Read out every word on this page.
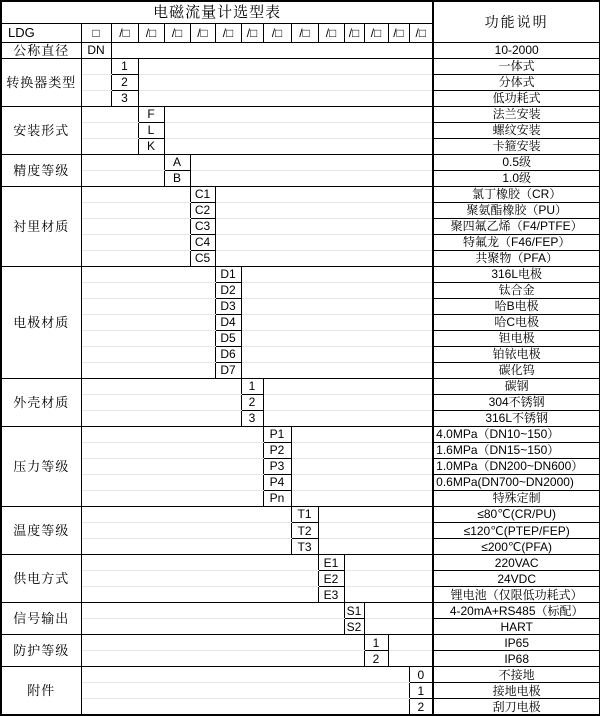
电磁流量计选型表															功能说明
LDG	□	/□	/□	/□	/□	/□	/□	/□	/□	/□	/□	/□	/□	/□	
公称直径	DN														10-2000
转换器类型		1													一体式
		2													分体式
		3													低功耗式
安装形式			F												法兰安装
			L												螺纹安装
			K												卡箍安装
精度等级				A											0.5级
				B											1.0级
衬里材质					C1										氯丁橡胶（CR）
					C2										聚氨酯橡胶（PU）
					C3										聚四氟乙烯（F4/PTFE）
					C4										特氟龙（F46/FEP）
					C5										共聚物（PFA）
电极材质						D1									316L电极
						D2									钛合金
						D3									哈B电极
						D4									哈C电极
						D5									钽电极
						D6									铂铱电极
						D7									碳化钨
外壳材质							1								碳钢
							2								304不锈钢
							3								316L不锈钢
压力等级								P1							4.0MPa（DN10~150）
								P2							1.6MPa（DN15~150）
								P3							1.0MPa（DN200~DN600）
								P4							0.6MPa(DN700~DN2000)
								Pn							特殊定制
温度等级									T1						≤80℃(CR/PU)
									T2						≤120℃(PTEP/FEP)
									T3						≤200℃(PFA)
供电方式										E1					220VAC
										E2					24VDC
										E3					锂电池（仅限低功耗式）
信号输出											S1				4-20mA+RS485（标配）
											S2				HART
防护等级												1			IP65
												2			IP68
附件														0	不接地
														1	接地电极
														2	刮刀电极
